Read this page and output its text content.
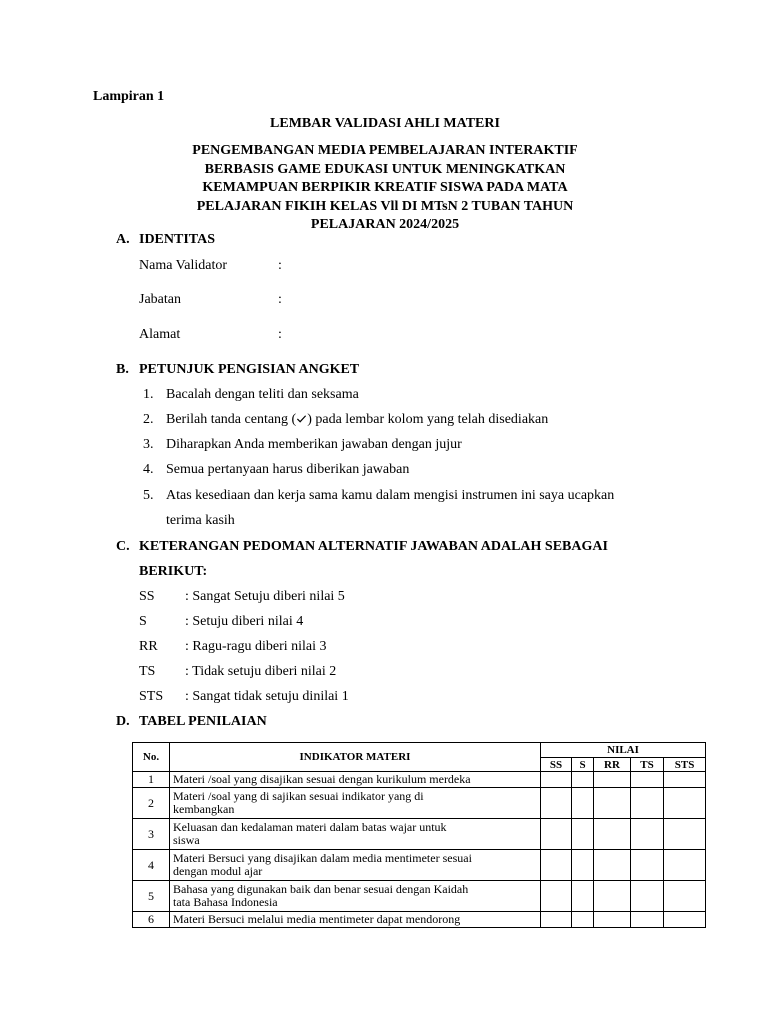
Lampiran 1
LEMBAR VALIDASI AHLI MATERI
PENGEMBANGAN MEDIA PEMBELAJARAN INTERAKTIF
BERBASIS GAME EDUKASI UNTUK MENINGKATKAN
KEMAMPUAN BERPIKIR KREATIF SISWA PADA MATA
PELAJARAN FIKIH KELAS Vll DI MTsN 2 TUBAN TAHUN
PELAJARAN 2024/2025
A. IDENTITAS
Nama Validator	:
Jabatan	:
Alamat	:
B. PETUNJUK PENGISIAN ANGKET
1. Bacalah dengan teliti dan seksama
2. Berilah tanda centang ( ) pada lembar kolom yang telah disediakan
3. Diharapkan Anda memberikan jawaban dengan jujur
4. Semua pertanyaan harus diberikan jawaban
5. Atas kesediaan dan kerja sama kamu dalam mengisi instrumen ini saya ucapkan
terima kasih
C. KETERANGAN PEDOMAN ALTERNATIF JAWABAN ADALAH SEBAGAI
BERIKUT:
SS : Sangat Setuju diberi nilai 5
S	: Setuju diberi nilai 4
RR : Ragu-ragu diberi nilai 3
TS : Tidak setuju diberi nilai 2
STS : Sangat tidak setuju dinilai 1
D. TABEL PENILAIAN
No.	INDIKATOR MATERI	NILAI				
		SS	S	RR	TS	STS
1	Materi /soal yang disajikan sesuai dengan kurikulum merdeka					

2	Materi /soal yang di sajikan sesuai indikator yang di
kembangkan					

3	Keluasan dan kedalaman materi dalam batas wajar untuk
siswa					

4	Materi Bersuci yang disajikan dalam media mentimeter sesuai
dengan modul ajar					

5	Bahasa yang digunakan baik dan benar sesuai dengan Kaidah
tata Bahasa Indonesia					

6	Materi Bersuci melalui media mentimeter dapat mendorong					
